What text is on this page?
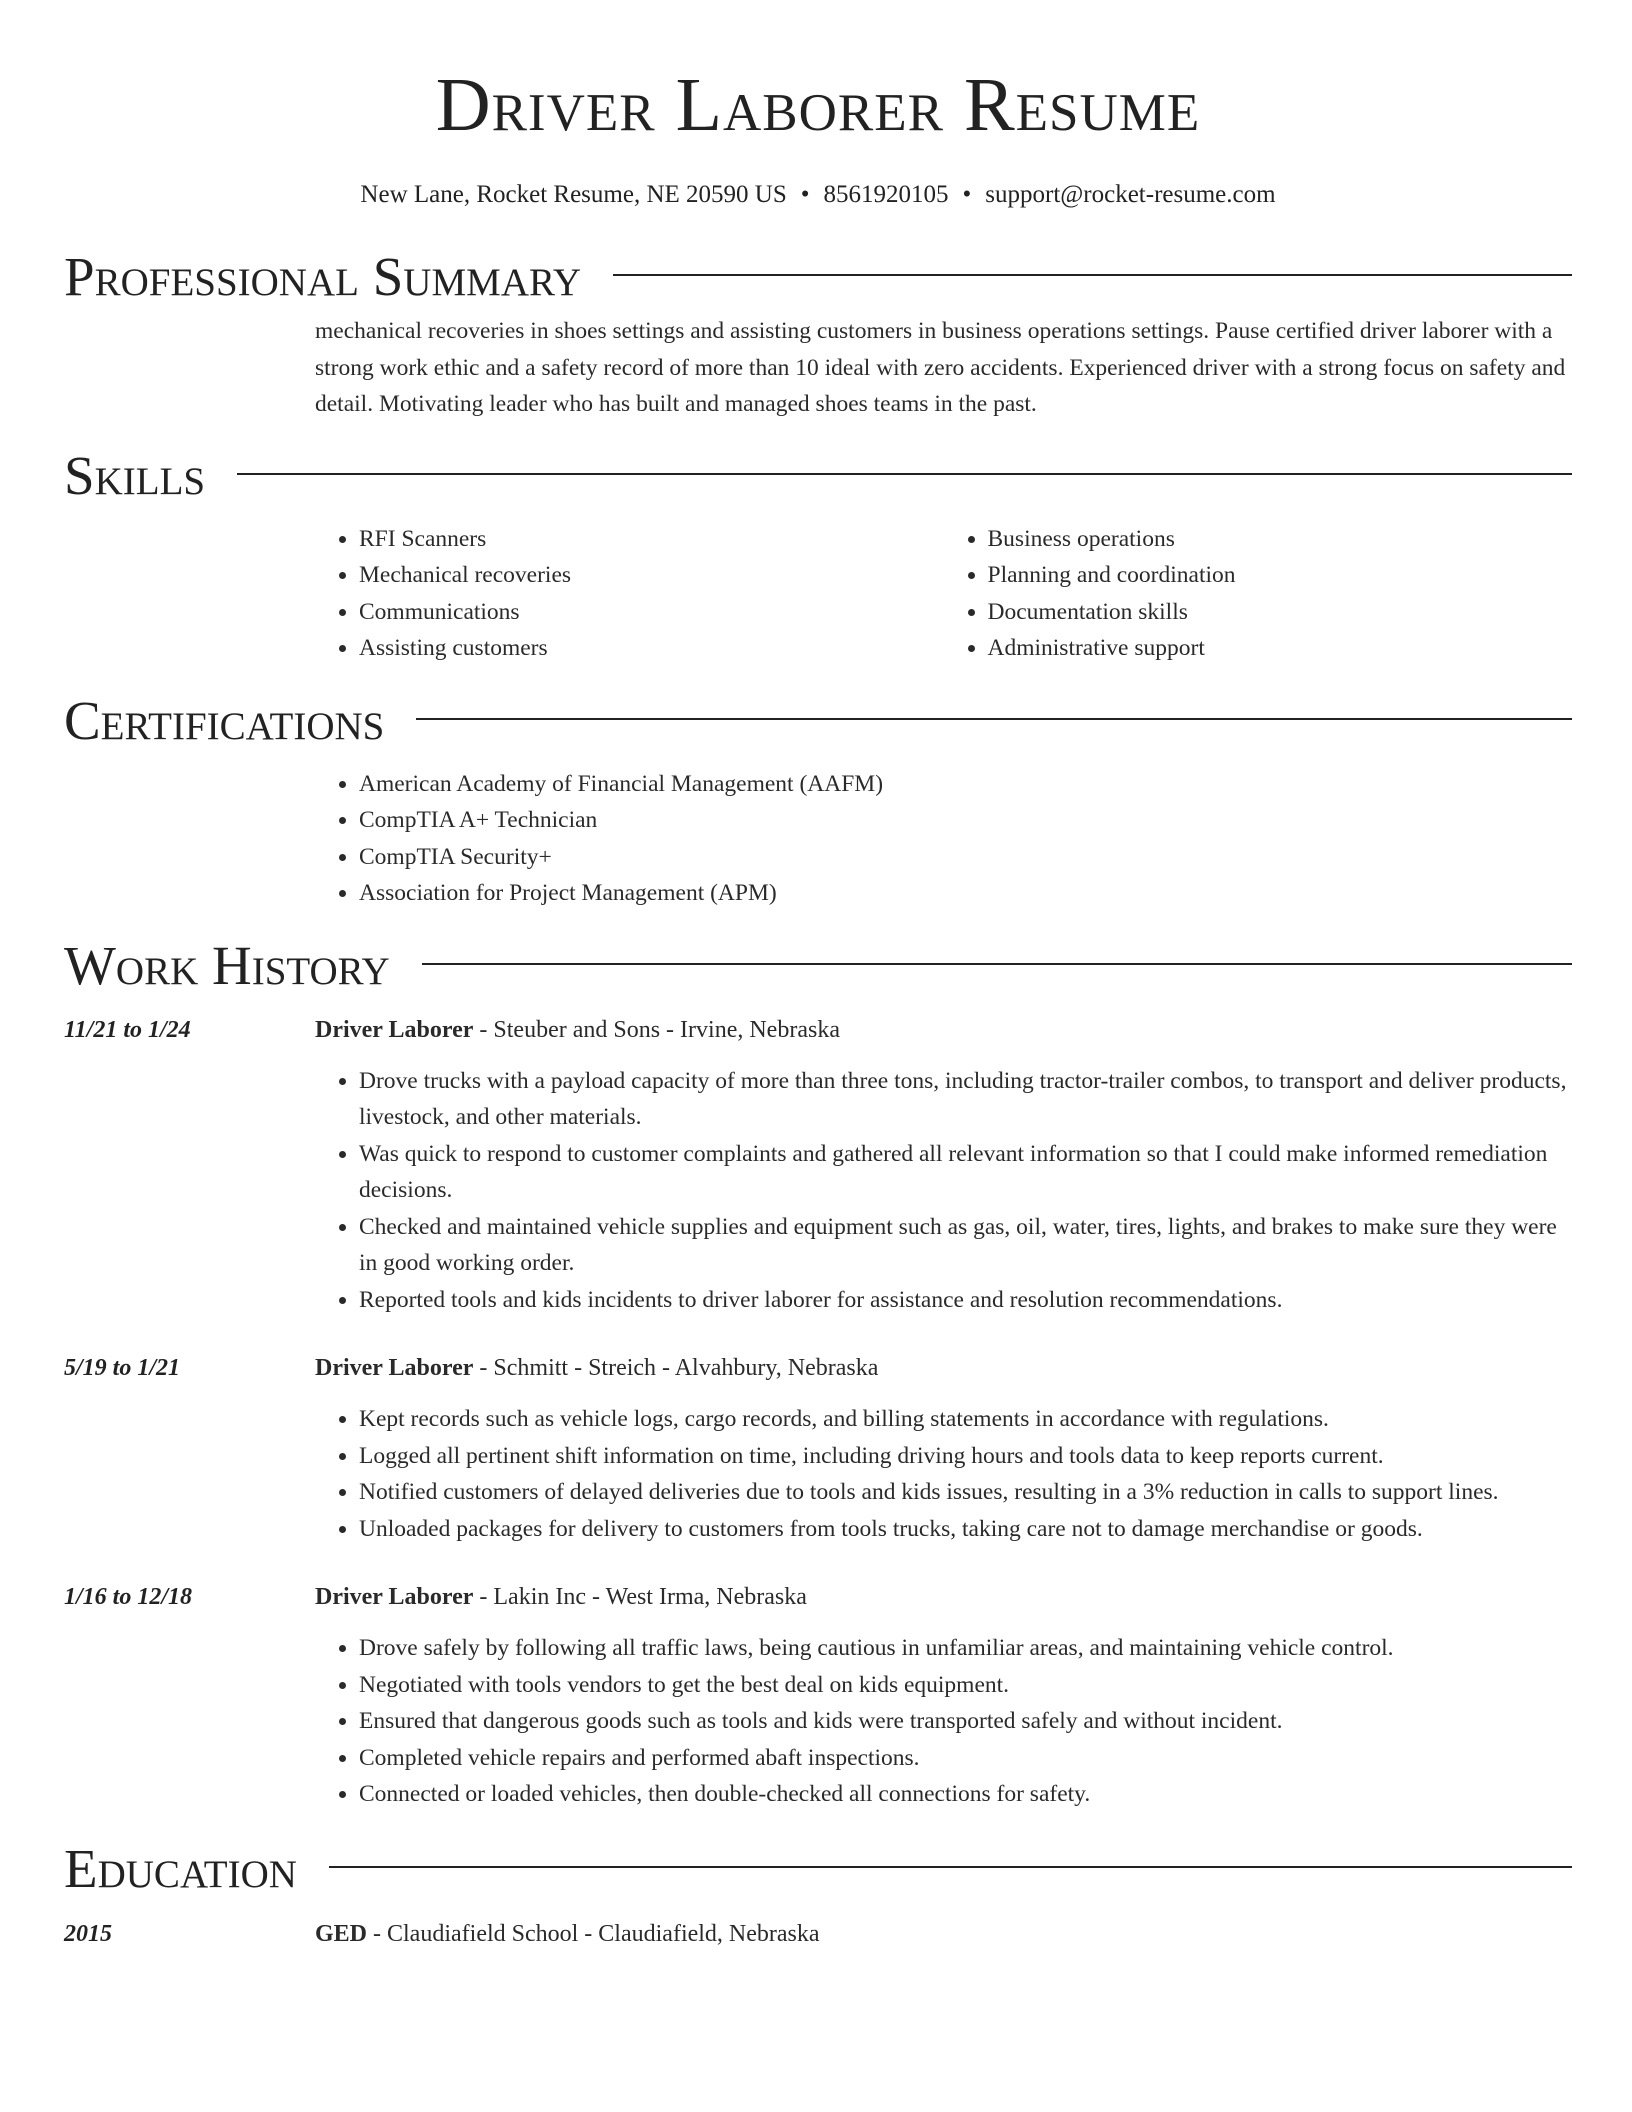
Driver Laborer Resume
New Lane, Rocket Resume, NE 20590 US • 8561920105 • support@rocket-resume.com
Professional Summary

mechanical recoveries in shoes settings and assisting customers in business operations settings. Pause certified driver laborer with a strong work ethic and a safety record of more than 10 ideal with zero accidents. Experienced driver with a strong focus on safety and detail. Motivating leader who has built and managed shoes teams in the past.

Skills
• RFI Scanners
• Mechanical recoveries
• Communications
• Assisting customers
• Business operations
• Planning and coordination
• Documentation skills
• Administrative support
Certifications
• American Academy of Financial Management (AAFM)
• CompTIA A+ Technician
• CompTIA Security+
• Association for Project Management (APM)
Work History
11/21 to 1/24	Driver Laborer - Steuber and Sons - Irvine, Nebraska
• Drove trucks with a payload capacity of more than three tons, including tractor-trailer combos, to transport and deliver products, livestock, and other materials.
• Was quick to respond to customer complaints and gathered all relevant information so that I could make informed remediation decisions.
• Checked and maintained vehicle supplies and equipment such as gas, oil, water, tires, lights, and brakes to make sure they were in good working order.
• Reported tools and kids incidents to driver laborer for assistance and resolution recommendations.
5/19 to 1/21	Driver Laborer - Schmitt - Streich - Alvahbury, Nebraska
• Kept records such as vehicle logs, cargo records, and billing statements in accordance with regulations.
• Logged all pertinent shift information on time, including driving hours and tools data to keep reports current.
• Notified customers of delayed deliveries due to tools and kids issues, resulting in a 3% reduction in calls to support lines.
• Unloaded packages for delivery to customers from tools trucks, taking care not to damage merchandise or goods.
1/16 to 12/18	Driver Laborer - Lakin Inc - West Irma, Nebraska
• Drove safely by following all traffic laws, being cautious in unfamiliar areas, and maintaining vehicle control.
• Negotiated with tools vendors to get the best deal on kids equipment.
• Ensured that dangerous goods such as tools and kids were transported safely and without incident.
• Completed vehicle repairs and performed abaft inspections.
• Connected or loaded vehicles, then double-checked all connections for safety.
Education
2015	GED - Claudiafield School - Claudiafield, Nebraska
